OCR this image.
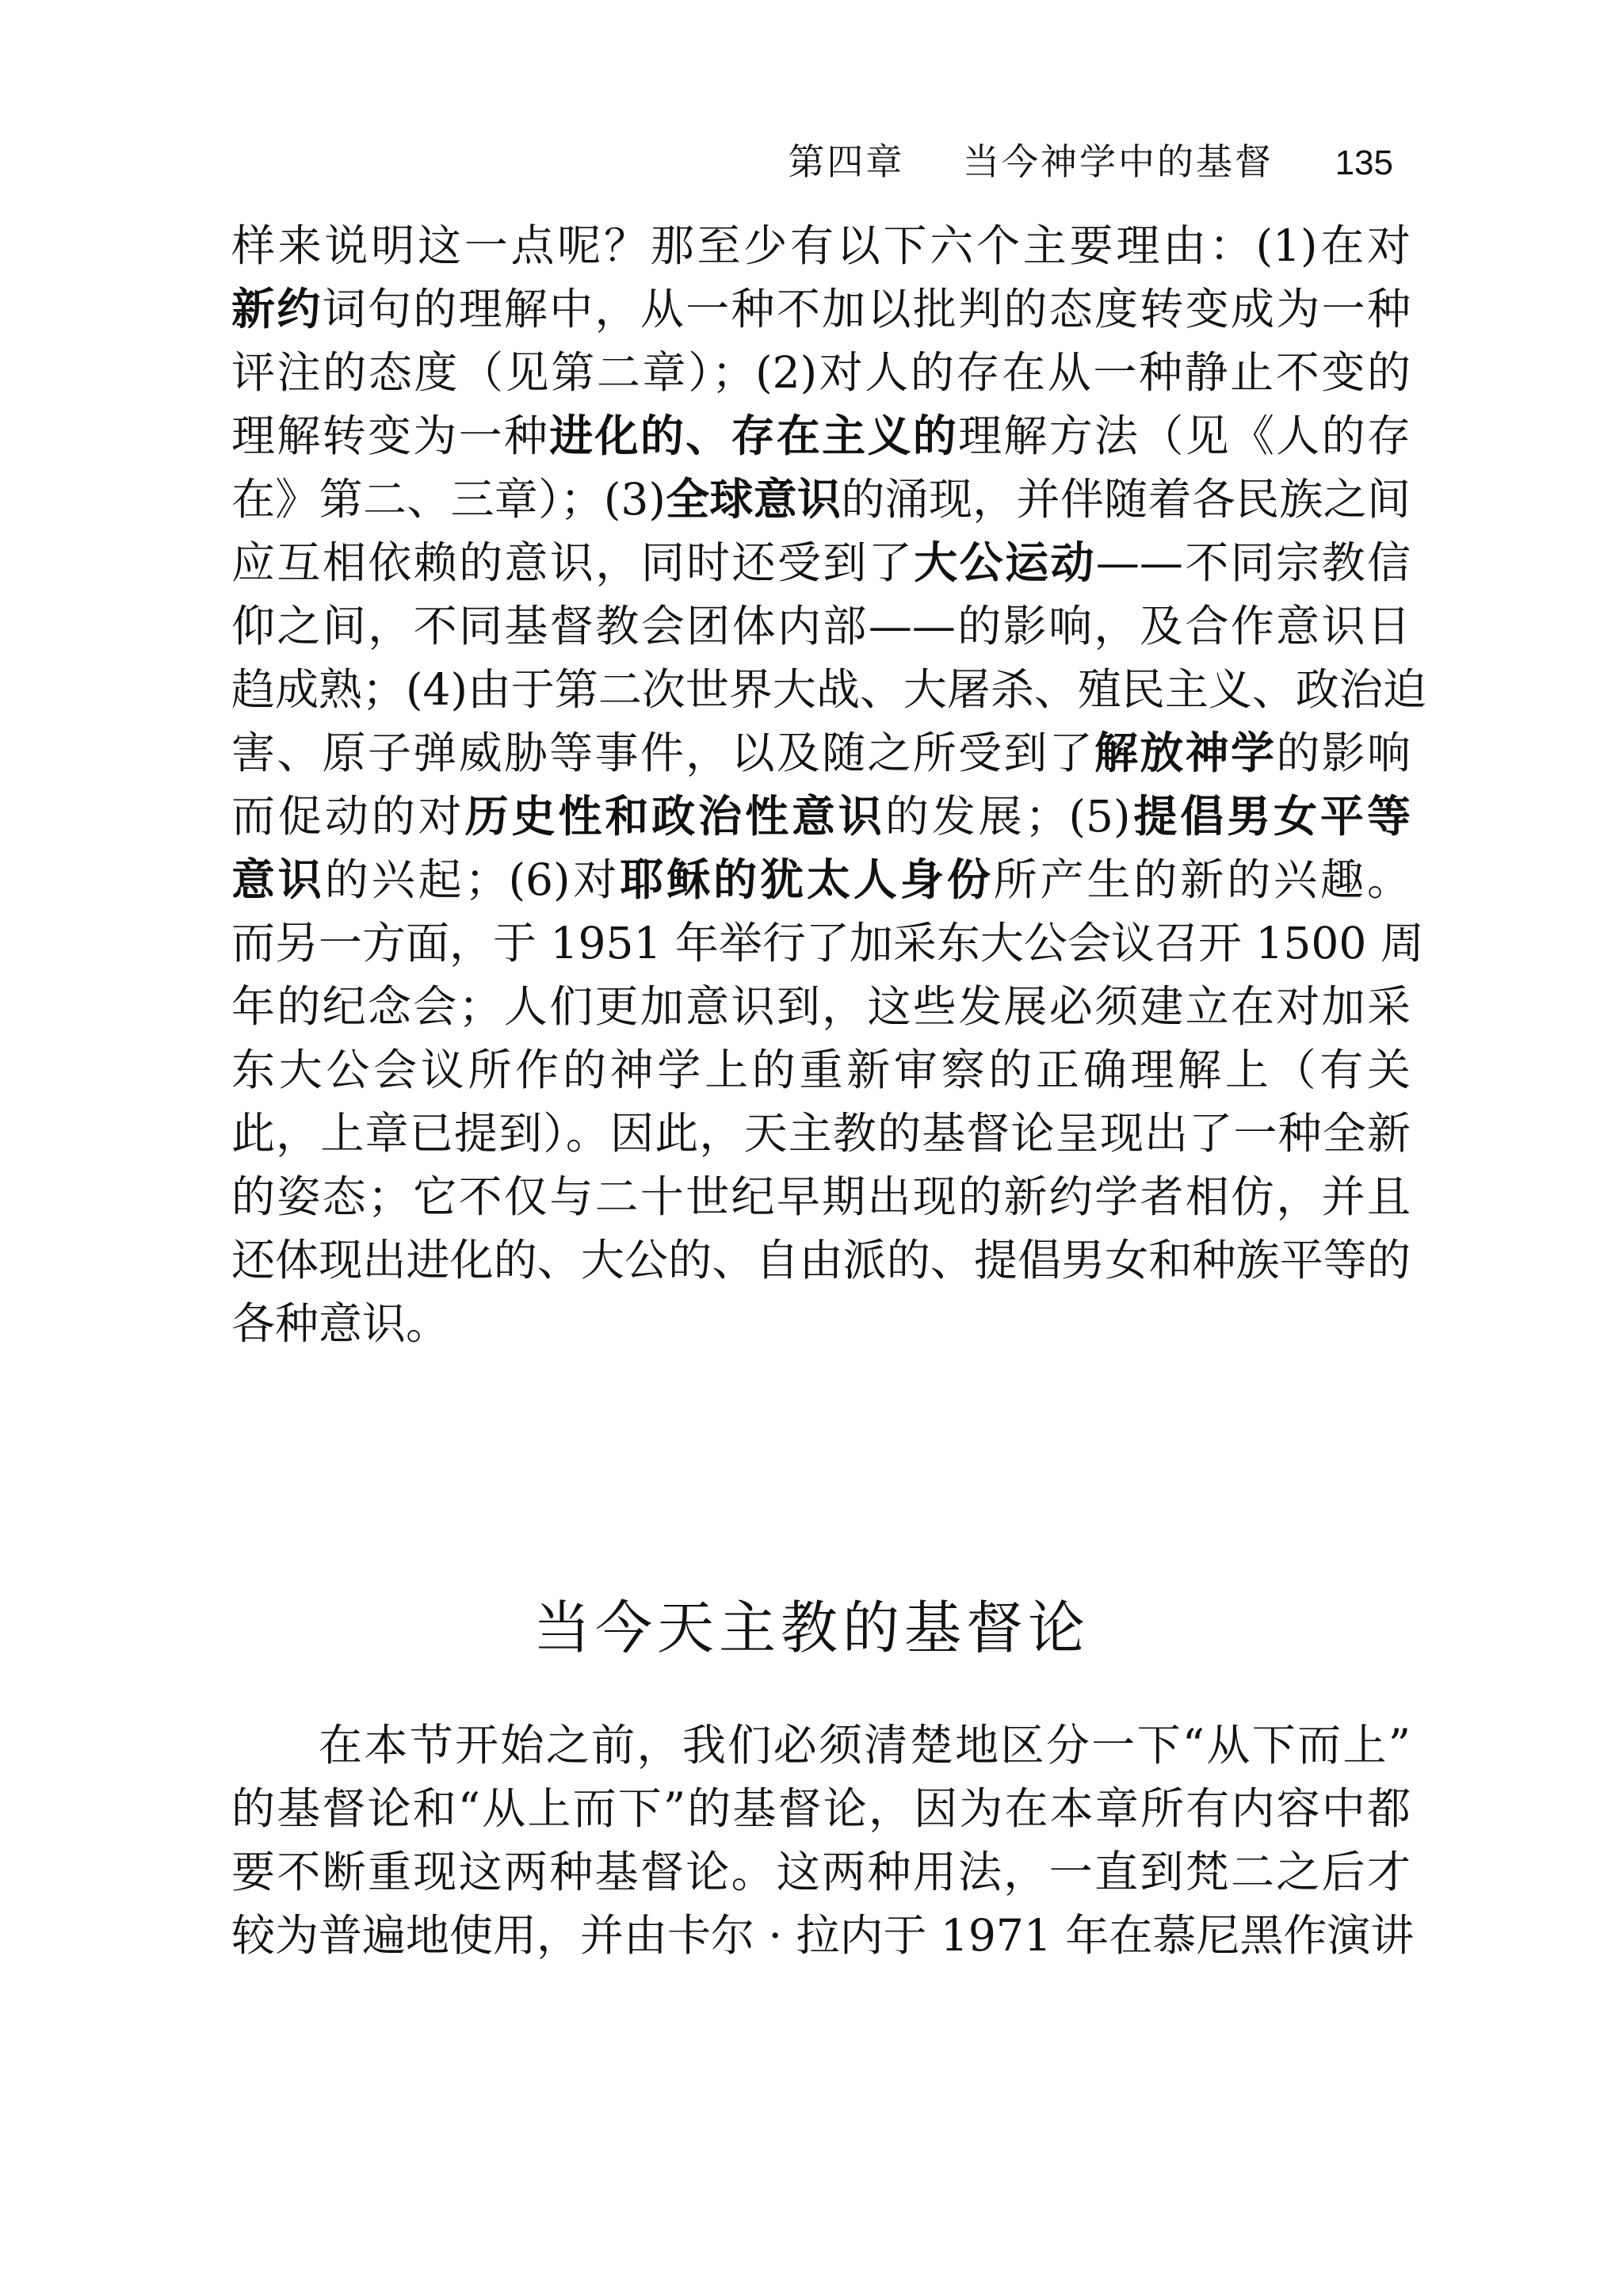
第四章 当今神学中的基督 135
样来说明这一点呢？那至少有以下六个主要理由：(1)在对
新约词句的理解中，从一种不加以批判的态度转变成为一种
评注的态度（见第二章）；(2)对人的存在从一种静止不变的
理解转变为一种进化的、存在主义的理解方法（见《人的存
在》第二、三章）；(3)全球意识的涌现，并伴随着各民族之间
应互相依赖的意识，同时还受到了大公运动——不同宗教信
仰之间，不同基督教会团体内部——的影响，及合作意识日
趋成熟；(4)由于第二次世界大战、大屠杀、殖民主义、政治迫
害、原子弹威胁等事件，以及随之所受到了解放神学的影响
而促动的对历史性和政治性意识的发展；(5)提倡男女平等
意识的兴起；(6)对耶稣的犹太人身份所产生的新的兴趣。
而另一方面，于 1951 年举行了加采东大公会议召开 1500 周
年的纪念会；人们更加意识到，这些发展必须建立在对加采
东大公会议所作的神学上的重新审察的正确理解上（有关
此，上章已提到）。因此，天主教的基督论呈现出了一种全新
的姿态；它不仅与二十世纪早期出现的新约学者相仿，并且
还体现出进化的、大公的、自由派的、提倡男女和种族平等的
各种意识。
当今天主教的基督论
在本节开始之前，我们必须清楚地区分一下“从下而上”
的基督论和“从上而下”的基督论，因为在本章所有内容中都
要不断重现这两种基督论。这两种用法，一直到梵二之后才
较为普遍地使用，并由卡尔 · 拉内于 1971 年在慕尼黑作演讲
